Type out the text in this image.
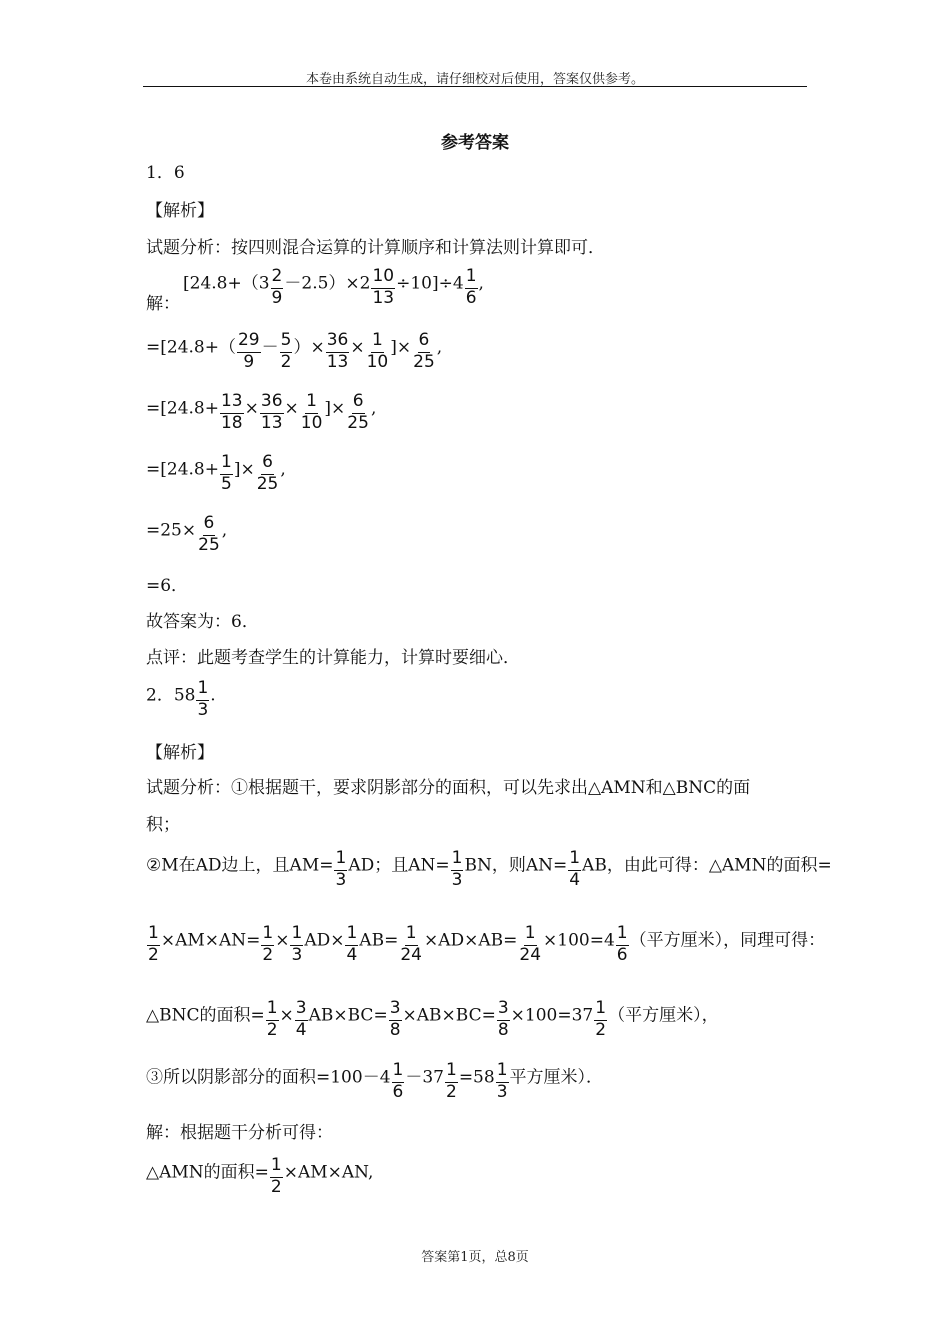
本卷由系统自动生成，请仔细校对后使用，答案仅供参考。
参考答案
1．6
【解析】
试题分析：按四则混合运算的计算顺序和计算法则计算即可．
解：
$[24.8+(3 \frac{2}{9} -2.5)\times 2 \frac{10}{13} \div 10]\div 4 \frac{1}{6}$ ,
$=[24.8+( \frac{29}{9} - \frac{5}{2}$ ）× $\frac{36}{13} \times \frac{1}{10}$ ]× $\frac{6}{25}$ ,
$=[24.8+ \frac{13}{18} \times \frac{36}{13} \times \frac{1}{10}$ ]× $\frac{6}{25}$ ,
$=[24.8+ \frac{1}{5}$ ]× $\frac{6}{25}$ ,
$=25\times \frac{6}{25}$ ,
=6．
故答案为：6．
点评：此题考查学生的计算能力，计算时要细心．
2．$58 \frac{1}{3}$ .
【解析】
试题分析：①根据题干，要求阴影部分的面积，可以先求出△AMN和△BNC的面
积；
②M在AD边上，且$AM= \frac{1}{3}$ AD；且$AN= \frac{1}{3}$ BN，则$AN= \frac{1}{4}$ AB，由此可得：△AMN的面积=
$\frac{1}{2} \times AM\times AN= \frac{1}{2} \times \frac{1}{3} AD\times \frac{1}{4} AB= \frac{1}{24} \times AD\times AB= \frac{1}{24} \times 100=4 \frac{1}{6}$ （平方厘米），同理可得：
△BNC的面积= $\frac{1}{2} \times \frac{3}{4} AB\times BC= \frac{3}{8} \times AB\times BC= \frac{3}{8} \times 100=37 \frac{1}{2}$ （平方厘米），
③所以阴影部分的面积$=100-4 \frac{1}{6} -37 \frac{1}{2} =58 \frac{1}{3}$ 平方厘米）．
解：根据题干分析可得：
△AMN的面积= $\frac{1}{2} \times AM\times AN$,
答案第1页，总8页
